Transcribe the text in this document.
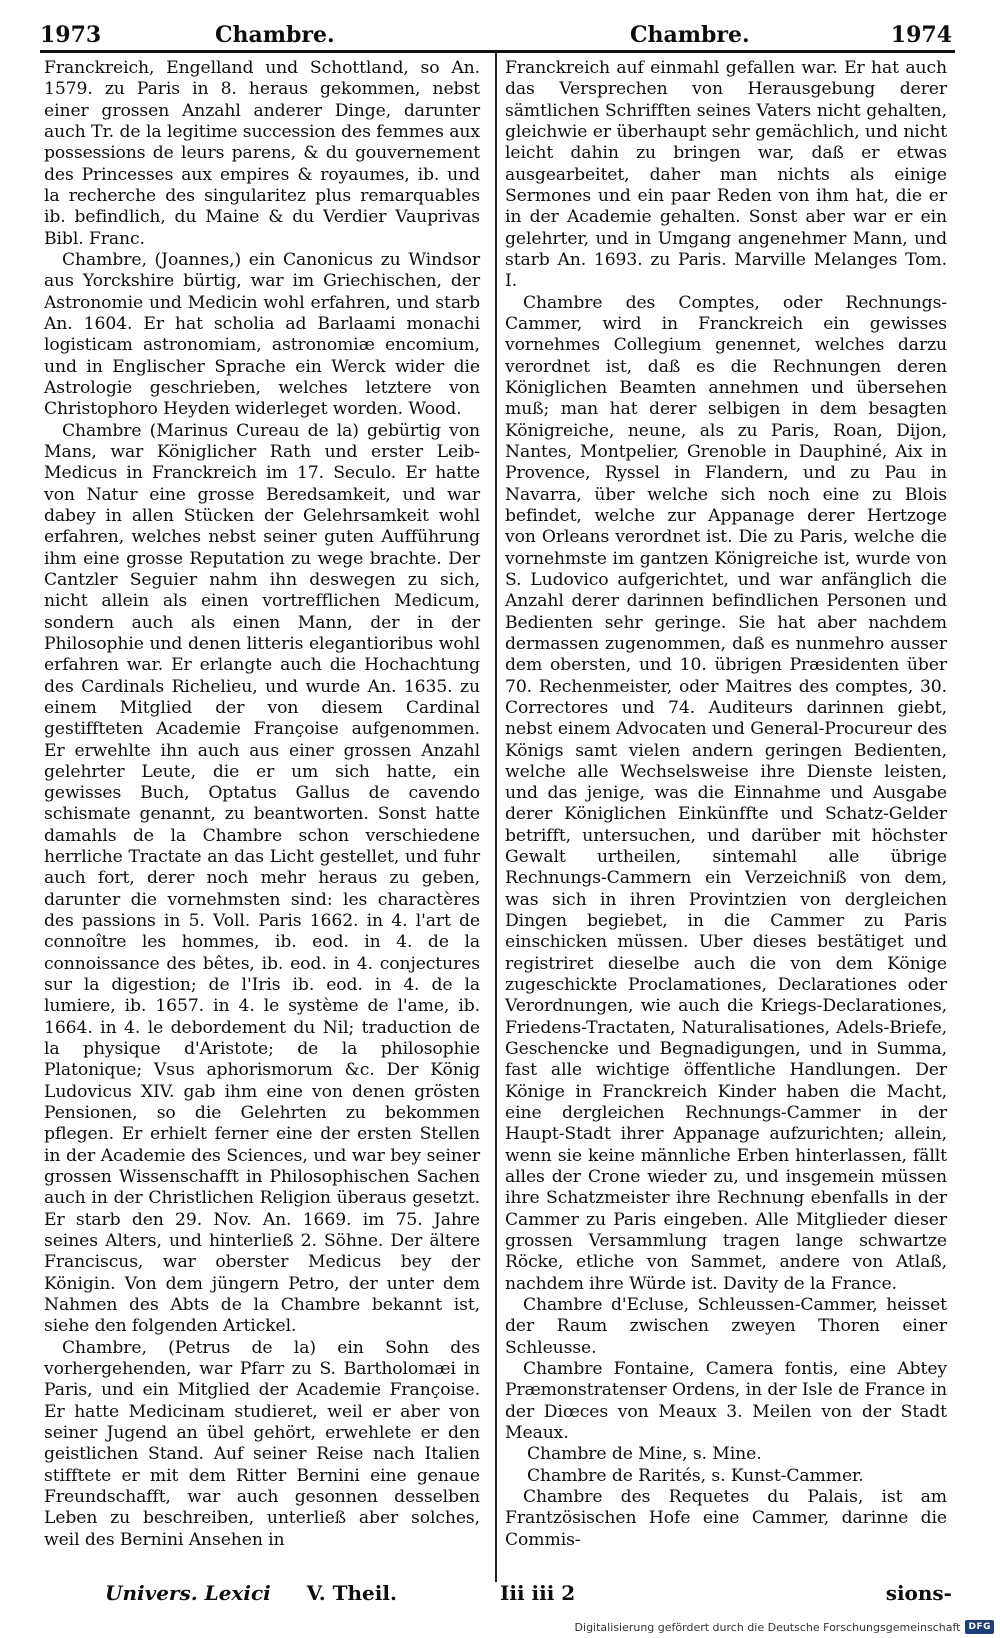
1973	Chambre.	Chambre.	1974

Franckreich, Engelland und Schottland, so An. 1579. zu Paris in 8. heraus gekommen, nebst einer grossen Anzahl anderer Dinge, darunter auch Tr. de la legitime succession des femmes aux possessions de leurs parens, & du gouvernement des Princesses aux empires & royaumes, ib. und la recherche des singularitez plus remarquables ib. befindlich, du Maine & du Verdier Vauprivas Bibl. Franc.

Chambre, (Joannes,) ein Canonicus zu Windsor aus Yorckshire bürtig, war im Griechischen, der Astronomie und Medicin wohl erfahren, und starb An. 1604. Er hat scholia ad Barlaami monachi logisticam astronomiam, astronomiæ encomium, und in Englischer Sprache ein Werck wider die Astrologie geschrieben, welches letztere von Christophoro Heyden widerleget worden. Wood.

Chambre (Marinus Cureau de la) gebürtig von Mans, war Königlicher Rath und erster Leib-Medicus in Franckreich im 17. Seculo. Er hatte von Natur eine grosse Beredsamkeit, und war dabey in allen Stücken der Gelehrsamkeit wohl erfahren, welches nebst seiner guten Aufführung ihm eine grosse Reputation zu wege brachte. Der Cantzler Seguier nahm ihn deswegen zu sich, nicht allein als einen vortrefflichen Medicum, sondern auch als einen Mann, der in der Philosophie und denen litteris elegantioribus wohl erfahren war. Er erlangte auch die Hochachtung des Cardinals Richelieu, und wurde An. 1635. zu einem Mitglied der von diesem Cardinal gestiffteten Academie Françoise aufgenommen. Er erwehlte ihn auch aus einer grossen Anzahl gelehrter Leute, die er um sich hatte, ein gewisses Buch, Optatus Gallus de cavendo schismate genannt, zu beantworten. Sonst hatte damahls de la Chambre schon verschiedene herrliche Tractate an das Licht gestellet, und fuhr auch fort, derer noch mehr heraus zu geben, darunter die vornehmsten sind: les charactères des passions in 5. Voll. Paris 1662. in 4. l'art de connoître les hommes, ib. eod. in 4. de la connoissance des bêtes, ib. eod. in 4. conjectures sur la digestion; de l'Iris ib. eod. in 4. de la lumiere, ib. 1657. in 4. le système de l'ame, ib. 1664. in 4. le debordement du Nil; traduction de la physique d'Aristote; de la philosophie Platonique; Vsus aphorismorum &c. Der König Ludovicus XIV. gab ihm eine von denen grösten Pensionen, so die Gelehrten zu bekommen pflegen. Er erhielt ferner eine der ersten Stellen in der Academie des Sciences, und war bey seiner grossen Wissenschafft in Philosophischen Sachen auch in der Christlichen Religion überaus gesetzt. Er starb den 29. Nov. An. 1669. im 75. Jahre seines Alters, und hinterließ 2. Söhne. Der ältere Franciscus, war oberster Medicus bey der Königin. Von dem jüngern Petro, der unter dem Nahmen des Abts de la Chambre bekannt ist, siehe den folgenden Artickel.

Chambre, (Petrus de la) ein Sohn des vorhergehenden, war Pfarr zu S. Bartholomæi in Paris, und ein Mitglied der Academie Françoise. Er hatte Medicinam studieret, weil er aber von seiner Jugend an übel gehört, erwehlete er den geistlichen Stand. Auf seiner Reise nach Italien stifftete er mit dem Ritter Bernini eine genaue Freundschafft, war auch gesonnen desselben Leben zu beschreiben, unterließ aber solches, weil des Bernini Ansehen in

Franckreich auf einmahl gefallen war. Er hat auch das Versprechen von Herausgebung derer sämtlichen Schrifften seines Vaters nicht gehalten, gleichwie er überhaupt sehr gemächlich, und nicht leicht dahin zu bringen war, daß er etwas ausgearbeitet, daher man nichts als einige Sermones und ein paar Reden von ihm hat, die er in der Academie gehalten. Sonst aber war er ein gelehrter, und in Umgang angenehmer Mann, und starb An. 1693. zu Paris. Marville Melanges Tom. I.

Chambre des Comptes, oder Rechnungs-Cammer, wird in Franckreich ein gewisses vornehmes Collegium genennet, welches darzu verordnet ist, daß es die Rechnungen deren Königlichen Beamten annehmen und übersehen muß; man hat derer selbigen in dem besagten Königreiche, neune, als zu Paris, Roan, Dijon, Nantes, Montpelier, Grenoble in Dauphiné, Aix in Provence, Ryssel in Flandern, und zu Pau in Navarra, über welche sich noch eine zu Blois befindet, welche zur Appanage derer Hertzoge von Orleans verordnet ist. Die zu Paris, welche die vornehmste im gantzen Königreiche ist, wurde von S. Ludovico aufgerichtet, und war anfänglich die Anzahl derer darinnen befindlichen Personen und Bedienten sehr geringe. Sie hat aber nachdem dermassen zugenommen, daß es nunmehro ausser dem obersten, und 10. übrigen Præsidenten über 70. Rechenmeister, oder Maitres des comptes, 30. Correctores und 74. Auditeurs darinnen giebt, nebst einem Advocaten und General-Procureur des Königs samt vielen andern geringen Bedienten, welche alle Wechselsweise ihre Dienste leisten, und das jenige, was die Einnahme und Ausgabe derer Königlichen Einkünffte und Schatz-Gelder betrifft, untersuchen, und darüber mit höchster Gewalt urtheilen, sintemahl alle übrige Rechnungs-Cammern ein Verzeichniß von dem, was sich in ihren Provintzien von dergleichen Dingen begiebet, in die Cammer zu Paris einschicken müssen. Uber dieses bestätiget und registriret dieselbe auch die von dem Könige zugeschickte Proclamationes, Declarationes oder Verordnungen, wie auch die Kriegs-Declarationes, Friedens-Tractaten, Naturalisationes, Adels-Briefe, Geschencke und Begnadigungen, und in Summa, fast alle wichtige öffentliche Handlungen. Der Könige in Franckreich Kinder haben die Macht, eine dergleichen Rechnungs-Cammer in der Haupt-Stadt ihrer Appanage aufzurichten; allein, wenn sie keine männliche Erben hinterlassen, fällt alles der Crone wieder zu, und insgemein müssen ihre Schatzmeister ihre Rechnung ebenfalls in der Cammer zu Paris eingeben. Alle Mitglieder dieser grossen Versammlung tragen lange schwartze Röcke, etliche von Sammet, andere von Atlaß, nachdem ihre Würde ist. Davity de la France.

Chambre d'Ecluse, Schleussen-Cammer, heisset der Raum zwischen zweyen Thoren einer Schleusse.

Chambre Fontaine, Camera fontis, eine Abtey Præmonstratenser Ordens, in der Isle de France in der Diœces von Meaux 3. Meilen von der Stadt Meaux.

Chambre de Mine, s. Mine.

Chambre de Rarités, s. Kunst-Cammer.

Chambre des Requetes du Palais, ist am Frantzösischen Hofe eine Cammer, darinne die Commis-

Univers. Lexici V. Theil.	Iii iii 2	sions-
Digitalisierung gefördert durch die Deutsche Forschungsgemeinschaft DFG
